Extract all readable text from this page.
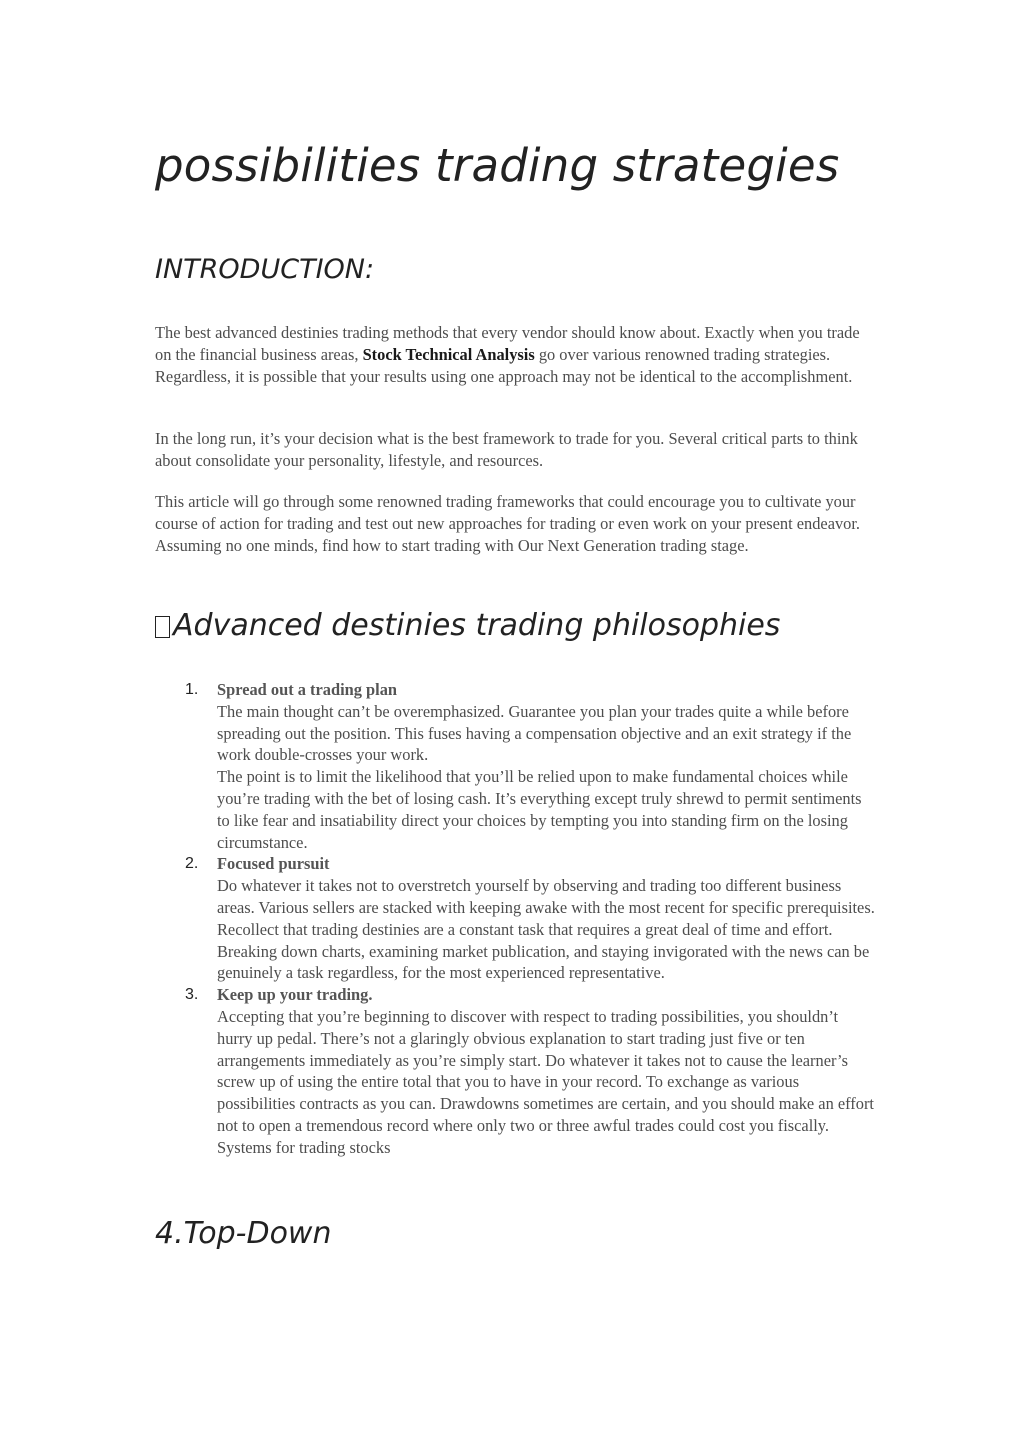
possibilities trading strategies
INTRODUCTION:

The best advanced destinies trading methods that every vendor should know about. Exactly when you trade on the financial business areas, Stock Technical Analysis go over various renowned trading strategies. Regardless, it is possible that your results using one approach may not be identical to the accomplishment.

In the long run, it’s your decision what is the best framework to trade for you. Several critical parts to think about consolidate your personality, lifestyle, and resources.

This article will go through some renowned trading frameworks that could encourage you to cultivate your course of action for trading and test out new approaches for trading or even work on your present endeavor. Assuming no one minds, find how to start trading with Our Next Generation trading stage.

Advanced destinies trading philosophies
1. Spread out a trading plan
The main thought can’t be overemphasized. Guarantee you plan your trades quite a while before spreading out the position. This fuses having a compensation objective and an exit strategy if the work double-crosses your work.
The point is to limit the likelihood that you’ll be relied upon to make fundamental choices while you’re trading with the bet of losing cash. It’s everything except truly shrewd to permit sentiments to like fear and insatiability direct your choices by tempting you into standing firm on the losing circumstance.
2. Focused pursuit
Do whatever it takes not to overstretch yourself by observing and trading too different business areas. Various sellers are stacked with keeping awake with the most recent for specific prerequisites. Recollect that trading destinies are a constant task that requires a great deal of time and effort. Breaking down charts, examining market publication, and staying invigorated with the news can be genuinely a task regardless, for the most experienced representative.
3. Keep up your trading.
Accepting that you’re beginning to discover with respect to trading possibilities, you shouldn’t hurry up pedal. There’s not a glaringly obvious explanation to start trading just five or ten arrangements immediately as you’re simply start. Do whatever it takes not to cause the learner’s screw up of using the entire total that you to have in your record. To exchange as various possibilities contracts as you can. Drawdowns sometimes are certain, and you should make an effort not to open a tremendous record where only two or three awful trades could cost you fiscally. Systems for trading stocks
4.Top-Down
